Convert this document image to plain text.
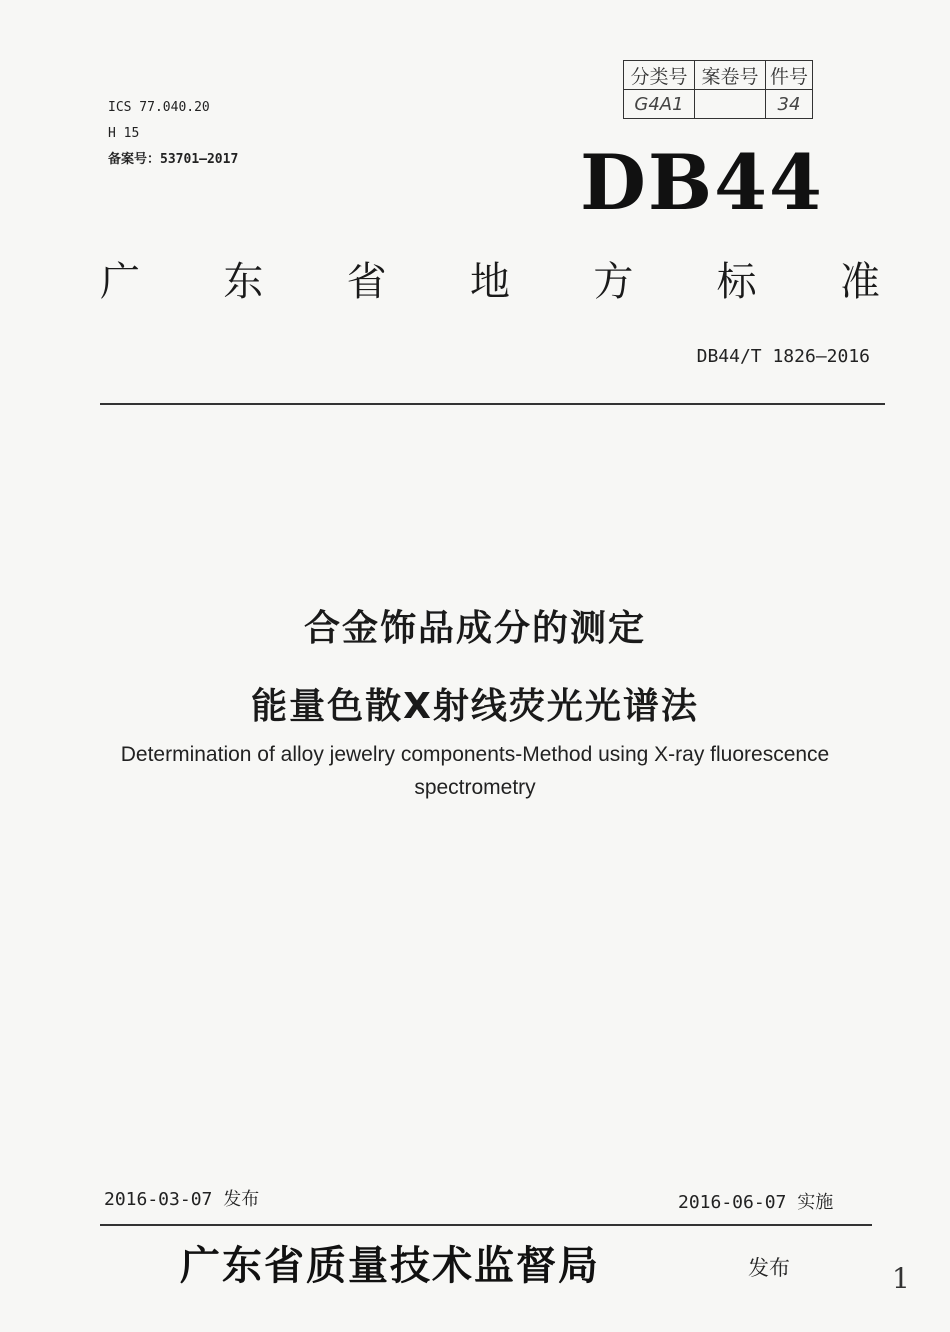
ICS 77.040.20
H 15
备案号：53701—2017
分类号	案卷号	件号
G4A1		34
DB44
广 东 省 地 方 标 准
DB44/T 1826—2016
合金饰品成分的测定
能量色散X射线荧光光谱法
Determination of alloy jewelry components-Method using X-ray fluorescence
spectrometry
2016-03-07 发布	2016-06-07 实施
广东省质量技术监督局	发布	1
